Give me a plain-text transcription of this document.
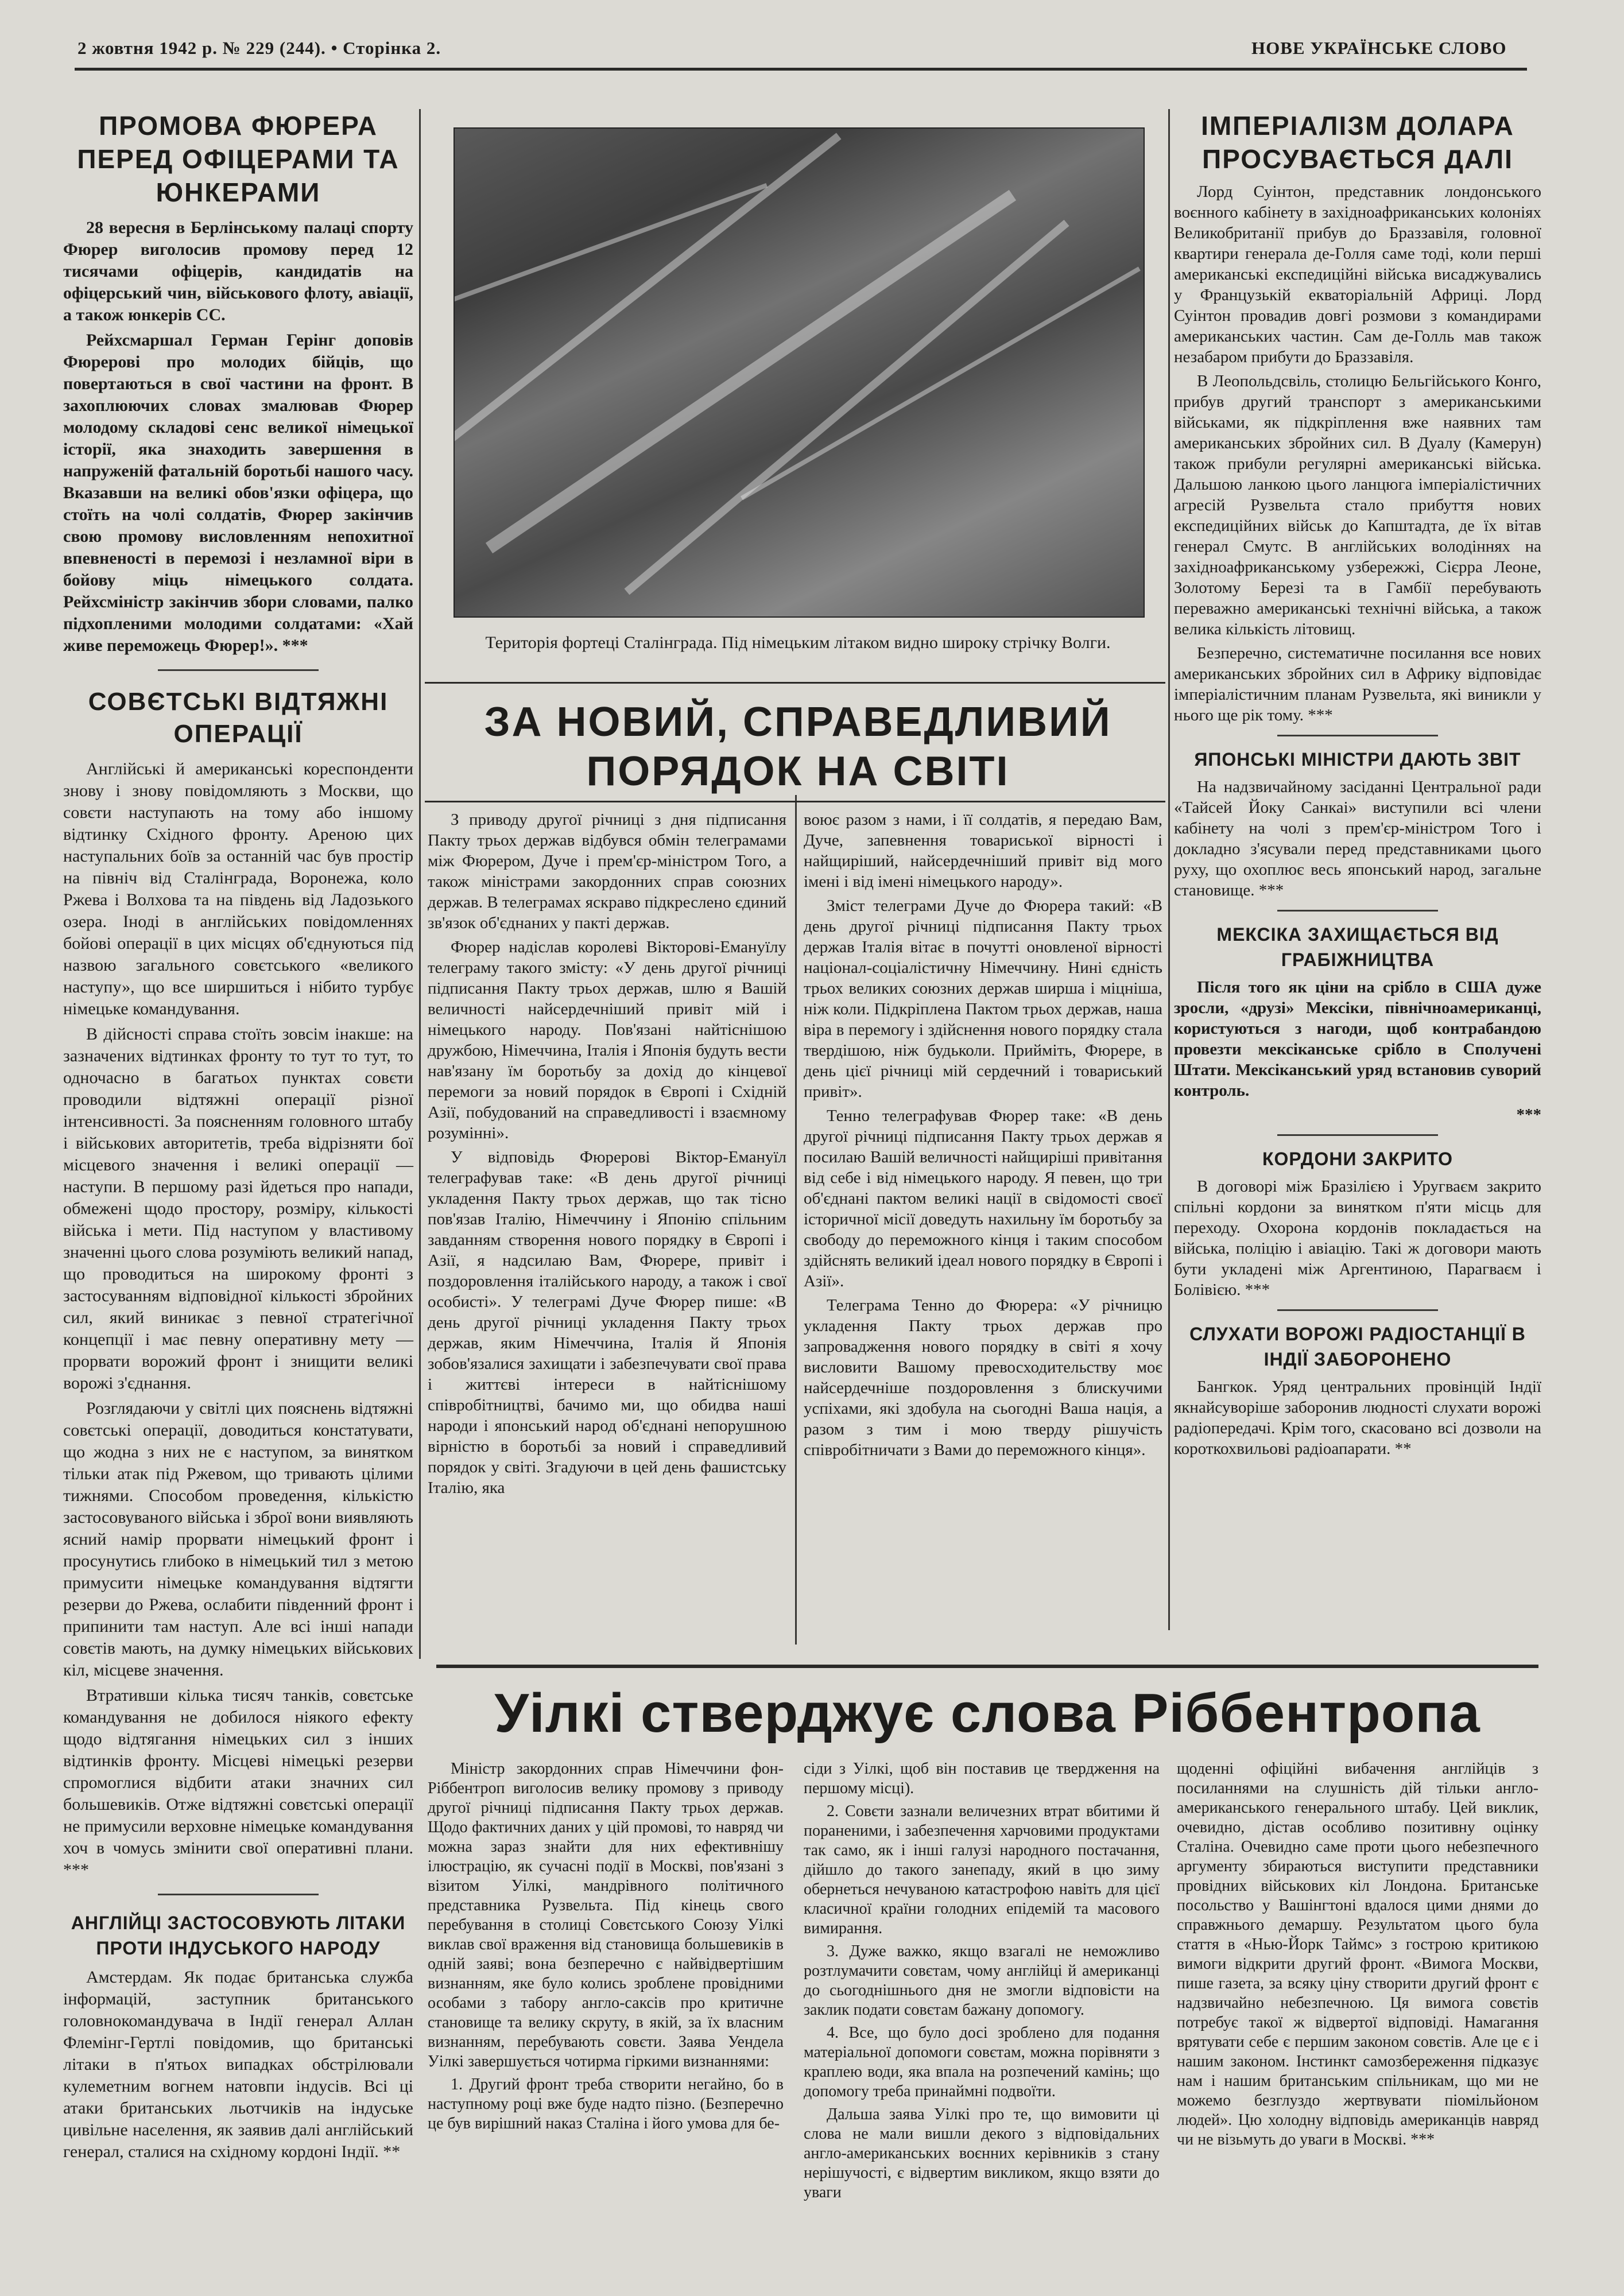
2 жовтня 1942 р. № 229 (244). • Сторінка 2.	НОВЕ УКРАЇНСЬКЕ СЛОВО
ПРОМОВА ФЮРЕРА ПЕРЕД ОФІЦЕРАМИ ТА ЮНКЕРАМИ

28 вересня в Берлінському палаці спорту Фюрер виголосив промову перед 12 тисячами офіцерів, кандидатів на офіцерський чин, військового флоту, авіації, а також юнкерів СС.

Рейхсмаршал Герман Герінг доповів Фюрерові про молодих бійців, що повертаються в свої частини на фронт. В захоплюючих словах змалював Фюрер молодому складові сенс великої німецької історії, яка знаходить завершення в напруженій фатальній боротьбі нашого часу. Вказавши на великі обов'язки офіцера, що стоїть на чолі солдатів, Фюрер закінчив свою промову висловленням непохитної впевненості в перемозі і незламної віри в бойову міць німецького солдата. Рейхсміністр закінчив збори словами, палко підхопленими молодими солдатами: «Хай живе переможець Фюрер!». ***

СОВЄТСЬКІ ВІДТЯЖНІ ОПЕРАЦІЇ

Англійські й американські кореспонденти знову і знову повідомляють з Москви, що совєти наступають на тому або іншому відтинку Східного фронту. Ареною цих наступальних боїв за останній час був простір на північ від Сталінграда, Воронежа, коло Ржева і Волхова та на південь від Ладозького озера. Іноді в англійських повідомленнях бойові операції в цих місцях об'єднуються під назвою загального совєтського «великого наступу», що все ширшиться і нібито турбує німецьке командування.

В дійсності справа стоїть зовсім інакше: на зазначених відтинках фронту то тут то тут, то одночасно в багатьох пунктах совєти проводили відтяжні операції різної інтенсивності. За поясненням головного штабу і військових авторитетів, треба відрізняти бої місцевого значення і великі операції — наступи. В першому разі йдеться про напади, обмежені щодо простору, розміру, кількості війська і мети. Під наступом у властивому значенні цього слова розуміють великий напад, що проводиться на широкому фронті з застосуванням відповідної кількості збройних сил, який виникає з певної стратегічної концепції і має певну оперативну мету — прорвати ворожий фронт і знищити великі ворожі з'єднання.

Розглядаючи у світлі цих пояснень відтяжні совєтські операції, доводиться констатувати, що жодна з них не є наступом, за винятком тільки атак під Ржевом, що тривають цілими тижнями. Способом проведення, кількістю застосовуваного війська і зброї вони виявляють ясний намір прорвати німецький фронт і просунутись глибоко в німецький тил з метою примусити німецьке командування відтягти резерви до Ржева, ослабити південний фронт і припинити там наступ. Але всі інші напади совєтів мають, на думку німецьких військових кіл, місцеве значення.

Втративши кілька тисяч танків, совєтське командування не добилося ніякого ефекту щодо відтягання німецьких сил з інших відтинків фронту. Місцеві німецькі резерви спромоглися відбити атаки значних сил большевиків. Отже відтяжні совєтські операції не примусили верховне німецьке командування хоч в чомусь змінити свої оперативні плани. ***

АНГЛІЙЦІ ЗАСТОСОВУЮТЬ ЛІТАКИ ПРОТИ ІНДУСЬКОГО НАРОДУ

Амстердам. Як подає британська служба інформацій, заступник британського головнокомандувача в Індії генерал Аллан Флемінг-Гертлі повідомив, що британські літаки в п'ятьох випадках обстрілювали кулеметним вогнем натовпи індусів. Всі ці атаки британських льотчиків на індуське цивільне населення, як заявив далі англійський генерал, сталися на східному кордоні Індії. **

Територія фортеці Сталінграда. Під німецьким літаком видно широку стрічку Волги.
ЗА НОВИЙ, СПРАВЕДЛИВИЙ ПОРЯДОК НА СВІТІ

З приводу другої річниці з дня підписання Пакту трьох держав відбувся обмін телеграмами між Фюрером, Дуче і прем'єр-міністром Того, а також міністрами закордонних справ союзних держав. В телеграмах яскраво підкреслено єдиний зв'язок об'єднаних у пакті держав.

Фюрер надіслав королеві Вікторові-Емануїлу телеграму такого змісту: «У день другої річниці підписання Пакту трьох держав, шлю я Вашій величності найсердечніший привіт мій і німецького народу. Пов'язані найтіснішою дружбою, Німеччина, Італія і Японія будуть вести нав'язану їм боротьбу за дохід до кінцевої перемоги за новий порядок в Європі і Східній Азії, побудований на справедливості і взаємному розумінні».

У відповідь Фюрерові Віктор-Емануїл телеграфував таке: «В день другої річниці укладення Пакту трьох держав, що так тісно пов'язав Італію, Німеччину і Японію спільним завданням створення нового порядку в Європі і Азії, я надсилаю Вам, Фюрере, привіт і поздоровлення італійського народу, а також і свої особисті». У телеграмі Дуче Фюрер пише: «В день другої річниці укладення Пакту трьох держав, яким Німеччина, Італія й Японія зобов'язалися захищати і забезпечувати свої права і життєві інтереси в найтіснішому співробітництві, бачимо ми, що обидва наші народи і японський народ об'єднані непорушною вірністю в боротьбі за новий і справедливий порядок у світі. Згадуючи в цей день фашистську Італію, яка

воює разом з нами, і її солдатів, я передаю Вам, Дуче, запевнення товариської вірності і найщиріший, найсердечніший привіт від мого імені і від імені німецького народу».

Зміст телеграми Дуче до Фюрера такий: «В день другої річниці підписання Пакту трьох держав Італія вітає в почутті оновленої вірності націонал-соціалістичну Німеччину. Нині єдність трьох великих союзних держав ширша і міцніша, ніж коли. Підкріплена Пактом трьох держав, наша віра в перемогу і здійснення нового порядку стала твердішою, ніж будьколи. Прийміть, Фюрере, в день цієї річниці мій сердечний і товариський привіт».

Тенно телеграфував Фюрер таке: «В день другої річниці підписання Пакту трьох держав я посилаю Вашій величності найщиріші привітання від себе і від німецького народу. Я певен, що три об'єднані пактом великі нації в свідомості своєї історичної місії доведуть нахильну їм боротьбу за свободу до переможного кінця і таким способом здійснять великий ідеал нового порядку в Європі і Азії».

Телеграма Тенно до Фюрера: «У річницю укладення Пакту трьох держав про запровадження нового порядку в світі я хочу висловити Вашому превосходительству моє найсердечніше поздоровлення з блискучими успіхами, які здобула на сьогодні Ваша нація, а разом з тим і мою тверду рішучість співробітничати з Вами до переможного кінця».

ІМПЕРІАЛІЗМ ДОЛАРА ПРОСУВАЄТЬСЯ ДАЛІ

Лорд Суінтон, представник лондонського воєнного кабінету в західноафриканських колоніях Великобританії прибув до Браззавіля, головної квартири генерала де-Голля саме тоді, коли перші американські експедиційні війська висаджувались у Французькій екваторіальній Африці. Лорд Суінтон провадив довгі розмови з командирами американських частин. Сам де-Голль мав також незабаром прибути до Браззавіля.

В Леопольдсвіль, столицю Бельгійського Конго, прибув другий транспорт з американськими військами, як підкріплення вже наявних там американських збройних сил. В Дуалу (Камерун) також прибули регулярні американські війська. Дальшою ланкою цього ланцюга імперіалістичних агресій Рузвельта стало прибуття нових експедиційних військ до Капштадта, де їх вітав генерал Смутс. В англійських володіннях на західноафриканському узбережжі, Сієрра Леоне, Золотому Березі та в Гамбії перебувають переважно американські технічні війська, а також велика кількість літовищ.

Безперечно, систематичне посилання все нових американських збройних сил в Африку відповідає імперіалістичним планам Рузвельта, які виникли у нього ще рік тому. ***

ЯПОНСЬКІ МІНІСТРИ ДАЮТЬ ЗВІТ

На надзвичайному засіданні Центральної ради «Тайсей Йоку Санкаі» виступили всі члени кабінету на чолі з прем'єр-міністром Того і докладно з'ясували перед представниками цього руху, що охоплює весь японський народ, загальне становище. ***

МЕКСІКА ЗАХИЩАЄТЬСЯ ВІД ГРАБІЖНИЦТВА

Після того як ціни на срібло в США дуже зросли, «друзі» Мексіки, північноамериканці, користуються з нагоди, щоб контрабандою провезти мексіканське срібло в Сполучені Штати. Мексіканський уряд встановив суворий контроль.

***
КОРДОНИ ЗАКРИТО

В договорі між Бразілією і Уругваєм закрито спільні кордони за винятком п'яти місць для переходу. Охорона кордонів покладається на війська, поліцію і авіацію. Такі ж договори мають бути укладені між Аргентиною, Парагваєм і Болівією. ***

СЛУХАТИ ВОРОЖІ РАДІОСТАНЦІЇ В ІНДІЇ ЗАБОРОНЕНО

Бангкок. Уряд центральних провінцій Індії якнайсуворіше заборонив людності слухати ворожі радіопередачі. Крім того, скасовано всі дозволи на короткохвильові радіоапарати. **

Уілкі стверджує слова Ріббентропа

Міністр закордонних справ Німеччини фон-Ріббентроп виголосив велику промову з приводу другої річниці підписання Пакту трьох держав. Щодо фактичних даних у цій промові, то навряд чи можна зараз знайти для них ефективнішу ілюстрацію, як сучасні події в Москві, пов'язані з візитом Уілкі, мандрівного політичного представника Рузвельта. Під кінець свого перебування в столиці Совєтського Союзу Уілкі виклав свої враження від становища большевиків в одній заяві; вона безперечно є найвідвертішим визнанням, яке було колись зроблене провідними особами з табору англо-саксів про критичне становище та велику скруту, в якій, за їх власним визнанням, перебувають совєти. Заява Уендела Уілкі завершується чотирма гіркими визнаннями:

1. Другий фронт треба створити негайно, бо в наступному році вже буде надто пізно. (Безперечно це був вирішний наказ Сталіна і його умова для бе-

сіди з Уілкі, щоб він поставив це твердження на першому місці).

2. Совєти зазнали величезних втрат вбитими й пораненими, і забезпечення харчовими продуктами так само, як і інші галузі народного постачання, дійшло до такого занепаду, який в цю зиму обернеться нечуваною катастрофою навіть для цієї класичної країни голодних епідемій та масового вимирання.

3. Дуже важко, якщо взагалі не неможливо розтлумачити совєтам, чому англійці й американці до сьогоднішнього дня не змогли відповісти на заклик подати совєтам бажану допомогу.

4. Все, що було досі зроблено для подання матеріальної допомоги совєтам, можна порівняти з краплею води, яка впала на розпечений камінь; що допомогу треба принаймні подвоїти.

Дальша заява Уілкі про те, що вимовити ці слова не мали вишли декого з відповідальних англо-американських воєнних керівників з стану нерішучості, є відвертим викликом, якщо взяти до уваги

щоденні офіційні вибачення англійців з посиланнями на слушність дій тільки англо-американського генерального штабу. Цей виклик, очевидно, дістав особливо позитивну оцінку Сталіна. Очевидно саме проти цього небезпечного аргументу збираються виступити представники провідних військових кіл Лондона. Британське посольство у Вашінгтоні вдалося цими днями до справжнього демаршу. Результатом цього була стаття в «Нью-Йорк Таймс» з гострою критикою вимоги відкрити другий фронт. «Вимога Москви, пише газета, за всяку ціну створити другий фронт є надзвичайно небезпечною. Ця вимога совєтів потребує такої ж відвертої відповіді. Намагання врятувати себе є першим законом совєтів. Але це є і нашим законом. Інстинкт самозбереження підказує нам і нашим британським спільникам, що ми не можемо безглуздо жертвувати піомільйоном людей». Цю холодну відповідь американців навряд чи не візьмуть до уваги в Москві. ***
